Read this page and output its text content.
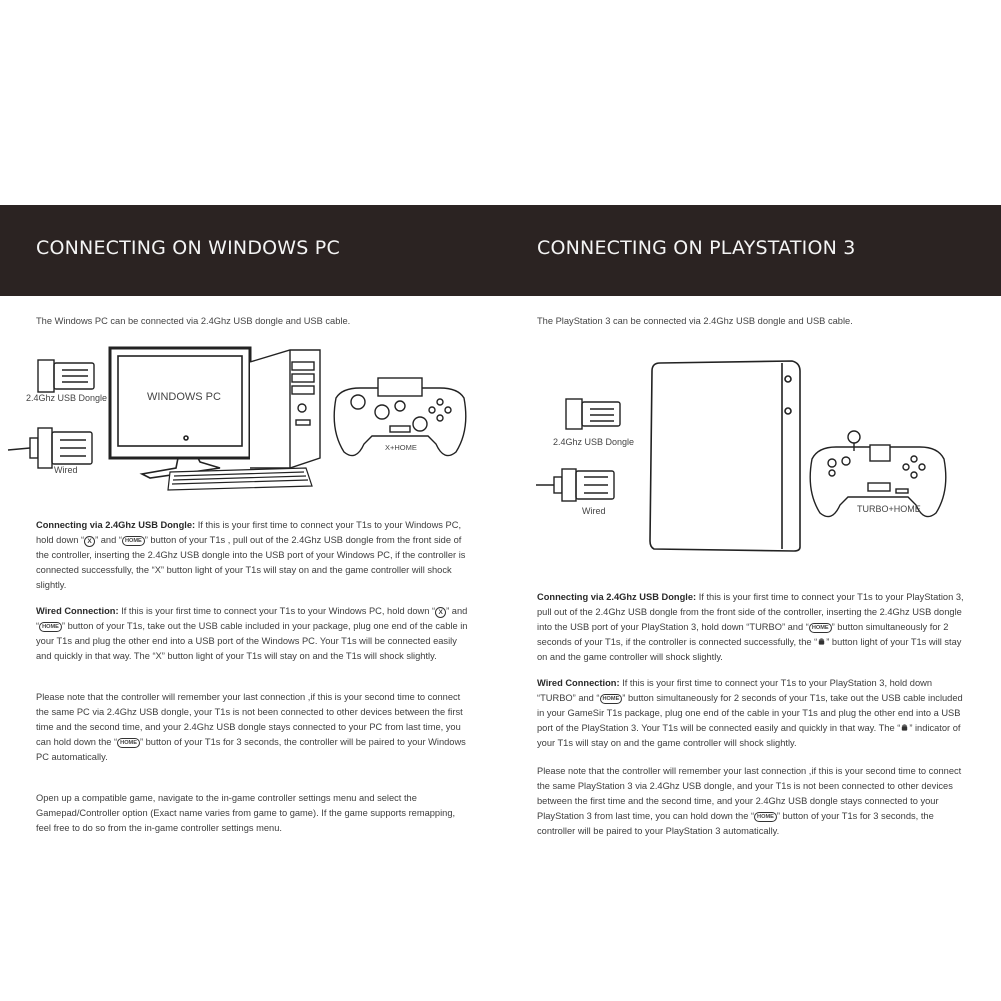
CONNECTING ON WINDOWS PC	CONNECTING ON PLAYSTATION 3
The Windows PC can be connected via 2.4Ghz USB dongle and USB cable.	The PlayStation 3 can be connected via 2.4Ghz USB dongle and USB cable.
2.4Ghz USB Dongle
Wired
WINDOWS PC
X+HOME
2.4Ghz USB Dongle
Wired	TURBO+HOME

Connecting via 2.4Ghz USB Dongle: If this is your first time to connect your T1s to your Windows PC, hold down “ X ” and “ HOME ” button of your T1s , pull out of the 2.4Ghz USB dongle from the front side of the controller, inserting the 2.4Ghz USB dongle into the USB port of your Windows PC, if the controller is connected successfully, the “X” button light of your T1s will stay on and the game controller will shock slightly.

Wired Connection: If this is your first time to connect your T1s to your Windows PC, hold down “ X ” and “ HOME ” button of your T1s, take out the USB cable included in your package, plug one end of the cable in your T1s and plug the other end into a USB port of the Windows PC. Your T1s will be connected easily and quickly in that way. The “X” button light of your T1s will stay on and the T1s will shock slightly.

Please note that the controller will remember your last connection ,if this is your second time to connect the same PC via 2.4Ghz USB dongle, your T1s is not been connected to other devices between the first time and the second time, and your 2.4Ghz USB dongle stays connected to your PC from last time, you can hold down the “ HOME ” button of your T1s for 3 seconds, the controller will be paired to your Windows PC automatically.

Open up a compatible game, navigate to the in-game controller settings menu and select the Gamepad/Controller option (Exact name varies from game to game). If the game supports remapping, feel free to do so from the in-game controller settings menu.

Connecting via 2.4Ghz USB Dongle: If this is your first time to connect your T1s to your PlayStation 3, pull out of the 2.4Ghz USB dongle from the front side of the controller, inserting the 2.4Ghz USB dongle into the USB port of your PlayStation 3, hold down “TURBO” and “ HOME ” button simultaneously for 2 seconds of your T1s, if the controller is connected successfully, the “ ” button light of your T1s will stay on and the game controller will shock slightly.

Wired Connection: If this is your first time to connect your T1s to your PlayStation 3, hold down “TURBO” and “ HOME ” button simultaneously for 2 seconds of your T1s, take out the USB cable included in your GameSir T1s package, plug one end of the cable in your T1s and plug the other end into a USB port of the PlayStation 3. Your T1s will be connected easily and quickly in that way. The “ ” indicator of your T1s will stay on and the game controller will shock slightly.

Please note that the controller will remember your last connection ,if this is your second time to connect the same PlayStation 3 via 2.4Ghz USB dongle, and your T1s is not been connected to other devices between the first time and the second time, and your 2.4Ghz USB dongle stays connected to your PlayStation 3 from last time, you can hold down the “ HOME ” button of your T1s for 3 seconds, the controller will be paired to your PlayStation 3 automatically.
